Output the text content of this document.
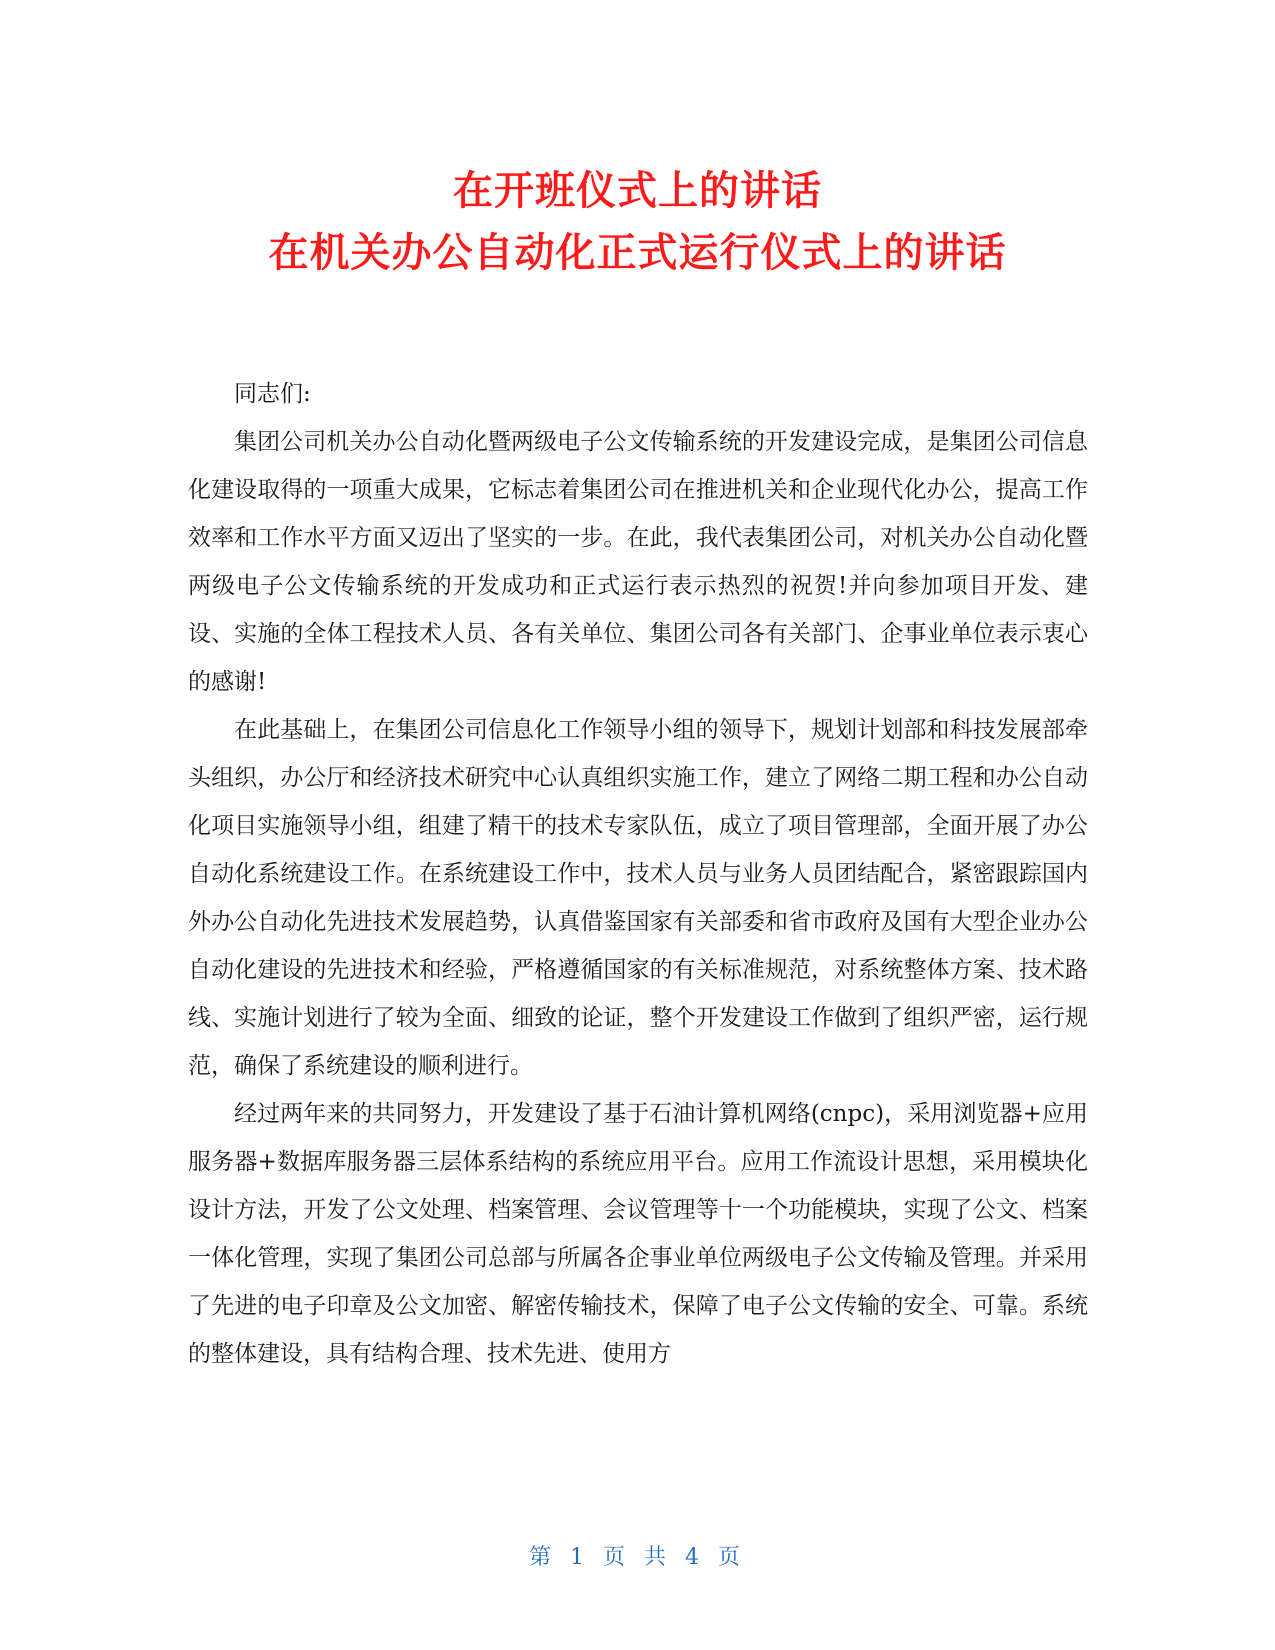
在开班仪式上的讲话
在机关办公自动化正式运行仪式上的讲话

同志们:

集团公司机关办公自动化暨两级电子公文传输系统的开发建设完成，是集团公司信息化建设取得的一项重大成果，它标志着集团公司在推进机关和企业现代化办公，提高工作效率和工作水平方面又迈出了坚实的一步。在此，我代表集团公司，对机关办公自动化暨两级电子公文传输系统的开发成功和正式运行表示热烈的祝贺!并向参加项目开发、建设、实施的全体工程技术人员、各有关单位、集团公司各有关部门、企事业单位表示衷心的感谢!

在此基础上，在集团公司信息化工作领导小组的领导下，规划计划部和科技发展部牵头组织，办公厅和经济技术研究中心认真组织实施工作，建立了网络二期工程和办公自动化项目实施领导小组，组建了精干的技术专家队伍，成立了项目管理部，全面开展了办公自动化系统建设工作。在系统建设工作中，技术人员与业务人员团结配合，紧密跟踪国内外办公自动化先进技术发展趋势，认真借鉴国家有关部委和省市政府及国有大型企业办公自动化建设的先进技术和经验，严格遵循国家的有关标准规范，对系统整体方案、技术路线、实施计划进行了较为全面、细致的论证，整个开发建设工作做到了组织严密，运行规范，确保了系统建设的顺利进行。

经过两年来的共同努力，开发建设了基于石油计算机网络(cnpc)，采用浏览器+应用服务器+数据库服务器三层体系结构的系统应用平台。应用工作流设计思想，采用模块化设计方法，开发了公文处理、档案管理、会议管理等十一个功能模块，实现了公文、档案一体化管理，实现了集团公司总部与所属各企事业单位两级电子公文传输及管理。并采用了先进的电子印章及公文加密、解密传输技术，保障了电子公文传输的安全、可靠。系统的整体建设，具有结构合理、技术先进、使用方

第 1 页 共 4 页
